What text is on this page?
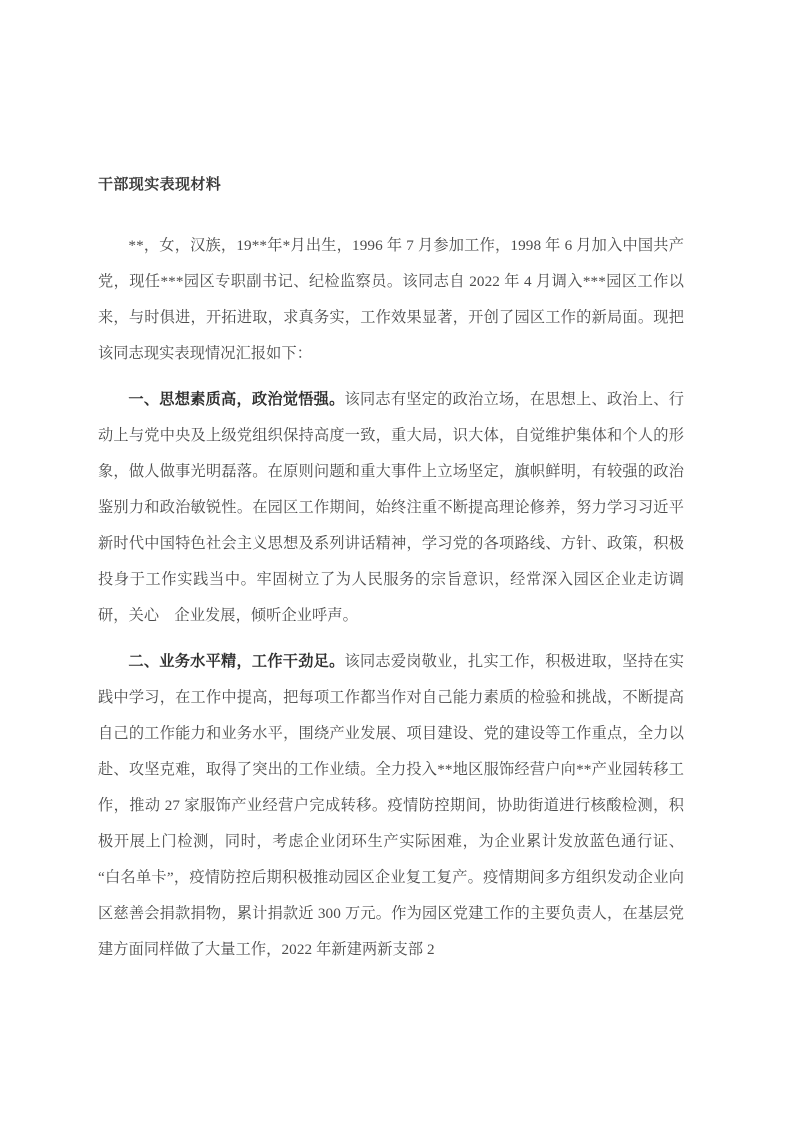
干部现实表现材料

**，女，汉族，19**年*月出生，1996 年 7 月参加工作，1998 年 6 月加入中国共产党，现任***园区专职副书记、纪检监察员。该同志自 2022 年 4 月调入***园区工作以来，与时俱进，开拓进取，求真务实，工作效果显著，开创了园区工作的新局面。现把该同志现实表现情况汇报如下：

一、思想素质高，政治觉悟强。该同志有坚定的政治立场，在思想上、政治上、行动上与党中央及上级党组织保持高度一致，重大局，识大体，自觉维护集体和个人的形象，做人做事光明磊落。在原则问题和重大事件上立场坚定，旗帜鲜明，有较强的政治鉴别力和政治敏锐性。在园区工作期间，始终注重不断提高理论修养，努力学习习近平新时代中国特色社会主义思想及系列讲话精神，学习党的各项路线、方针、政策，积极投身于工作实践当中。牢固树立了为人民服务的宗旨意识，经常深入园区企业走访调研，关心　企业发展，倾听企业呼声。

二、业务水平精，工作干劲足。该同志爱岗敬业，扎实工作，积极进取，坚持在实践中学习，在工作中提高，把每项工作都当作对自己能力素质的检验和挑战，不断提高自己的工作能力和业务水平，围绕产业发展、项目建设、党的建设等工作重点，全力以赴、攻坚克难，取得了突出的工作业绩。全力投入**地区服饰经营户向**产业园转移工作，推动 27 家服饰产业经营户完成转移。疫情防控期间，协助街道进行核酸检测，积极开展上门检测，同时，考虑企业闭环生产实际困难，为企业累计发放蓝色通行证、“白名单卡”，疫情防控后期积极推动园区企业复工复产。疫情期间多方组织发动企业向区慈善会捐款捐物，累计捐款近 300 万元。作为园区党建工作的主要负责人，在基层党建方面同样做了大量工作，2022 年新建两新支部 2
